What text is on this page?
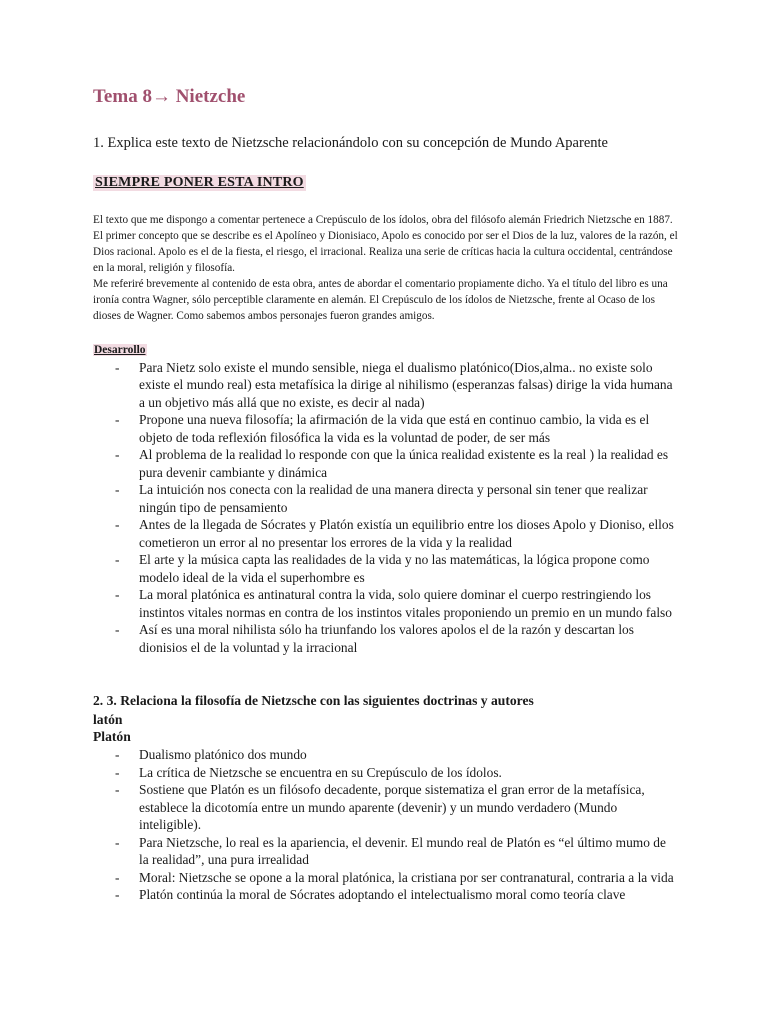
Tema 8→ Nietzche

1. Explica este texto de Nietzsche relacionándolo con su concepción de Mundo Aparente

SIEMPRE PONER ESTA INTRO

El texto que me dispongo a comentar pertenece a Crepúsculo de los ídolos, obra del filósofo alemán Friedrich Nietzsche en 1887. El primer concepto que se describe es el Apolíneo y Dionisiaco, Apolo es conocido por ser el Dios de la luz, valores de la razón, el Dios racional. Apolo es el de la fiesta, el riesgo, el irracional. Realiza una serie de críticas hacia la cultura occidental, centrándose en la moral, religión y filosofía.
Me referiré brevemente al contenido de esta obra, antes de abordar el comentario propiamente dicho. Ya el título del libro es una ironía contra Wagner, sólo perceptible claramente en alemán. El Crepúsculo de los ídolos de Nietzsche, frente al Ocaso de los dioses de Wagner. Como sabemos ambos personajes fueron grandes amigos.

Desarrollo

- Para Nietz solo existe el mundo sensible, niega el dualismo platónico(Dios,alma.. no existe solo existe el mundo real) esta metafísica la dirige al nihilismo (esperanzas falsas) dirige la vida humana a un objetivo más allá que no existe, es decir al nada)
- Propone una nueva filosofía; la afirmación de la vida que está en continuo cambio, la vida es el objeto de toda reflexión filosófica la vida es la voluntad de poder, de ser más
- Al problema de la realidad lo responde con que la única realidad existente es la real ) la realidad es pura devenir cambiante y dinámica
- La intuición nos conecta con la realidad de una manera directa y personal sin tener que realizar ningún tipo de pensamiento
- Antes de la llegada de Sócrates y Platón existía un equilibrio entre los dioses Apolo y Dioniso, ellos cometieron un error al no presentar los errores de la vida y la realidad
- El arte y la música capta las realidades de la vida y no las matemáticas, la lógica propone como modelo ideal de la vida el superhombre es
- La moral platónica es antinatural contra la vida, solo quiere dominar el cuerpo restringiendo los instintos vitales normas en contra de los instintos vitales proponiendo un premio en un mundo falso
- Así es una moral nihilista sólo ha triunfando los valores apolos el de la razón y descartan los dionisios el de la voluntad y la irracional

2. 3. Relaciona la filosofía de Nietzsche con las siguientes doctrinas y autores

latón

Platón

- Dualismo platónico dos mundo
- La crítica de Nietzsche se encuentra en su Crepúsculo de los ídolos.
- Sostiene que Platón es un filósofo decadente, porque sistematiza el gran error de la metafísica, establece la dicotomía entre un mundo aparente (devenir) y un mundo verdadero (Mundo inteligible).
- Para Nietzsche, lo real es la apariencia, el devenir. El mundo real de Platón es “el último mumo de la realidad”, una pura irrealidad
- Moral: Nietzsche se opone a la moral platónica, la cristiana por ser contranatural, contraria a la vida
- Platón continúa la moral de Sócrates adoptando el intelectualismo moral como teoría clave
